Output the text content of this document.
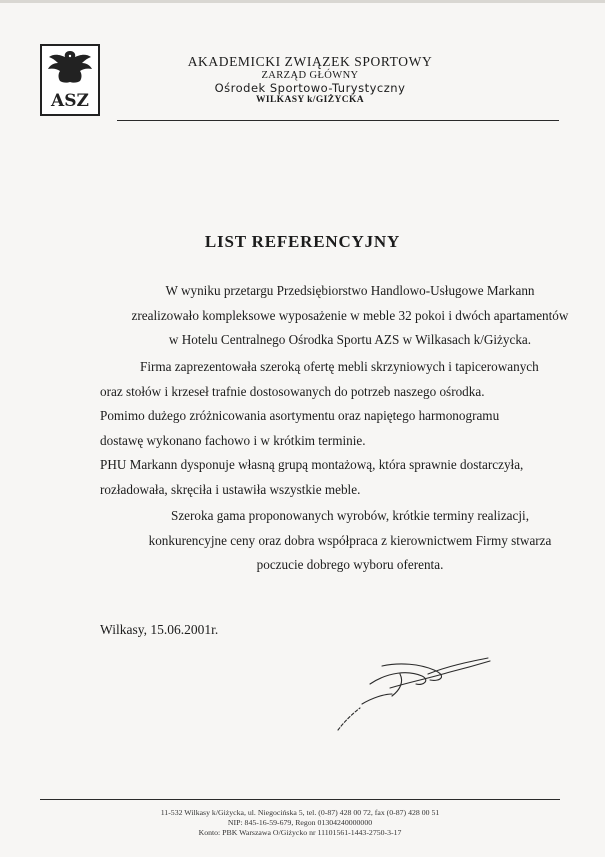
ASZ
AKADEMICKI ZWIĄZEK SPORTOWY
ZARZĄD GŁÓWNY
Ośrodek Sportowo-Turystyczny
WILKASY k/GIŻYCKA
LIST REFERENCYJNY
W wyniku przetargu Przedsiębiorstwo Handlowo-Usługowe Markann
zrealizowało kompleksowe wyposażenie w meble 32 pokoi i dwóch apartamentów
w Hotelu Centralnego Ośrodka Sportu AZS w Wilkasach k/Giżycka.
Firma zaprezentowała szeroką ofertę mebli skrzyniowych i tapicerowanych
oraz stołów i krzeseł trafnie dostosowanych do potrzeb naszego ośrodka.
Pomimo dużego zróżnicowania asortymentu oraz napiętego harmonogramu
dostawę wykonano fachowo i w krótkim terminie.
PHU Markann dysponuje własną grupą montażową, która sprawnie dostarczyła,
rozładowała, skręciła i ustawiła wszystkie meble.
Szeroka gama proponowanych wyrobów, krótkie terminy realizacji,
konkurencyjne ceny oraz dobra współpraca z kierownictwem Firmy stwarza
poczucie dobrego wyboru oferenta.
Wilkasy, 15.06.2001r.
11-532 Wilkasy k/Giżycka, ul. Niegocińska 5, tel. (0-87) 428 00 72, fax (0-87) 428 00 51
NIP: 845-16-59-679, Regon 01304240000000
Konto: PBK Warszawa O/Giżycko nr 11101561-1443-2750-3-17
